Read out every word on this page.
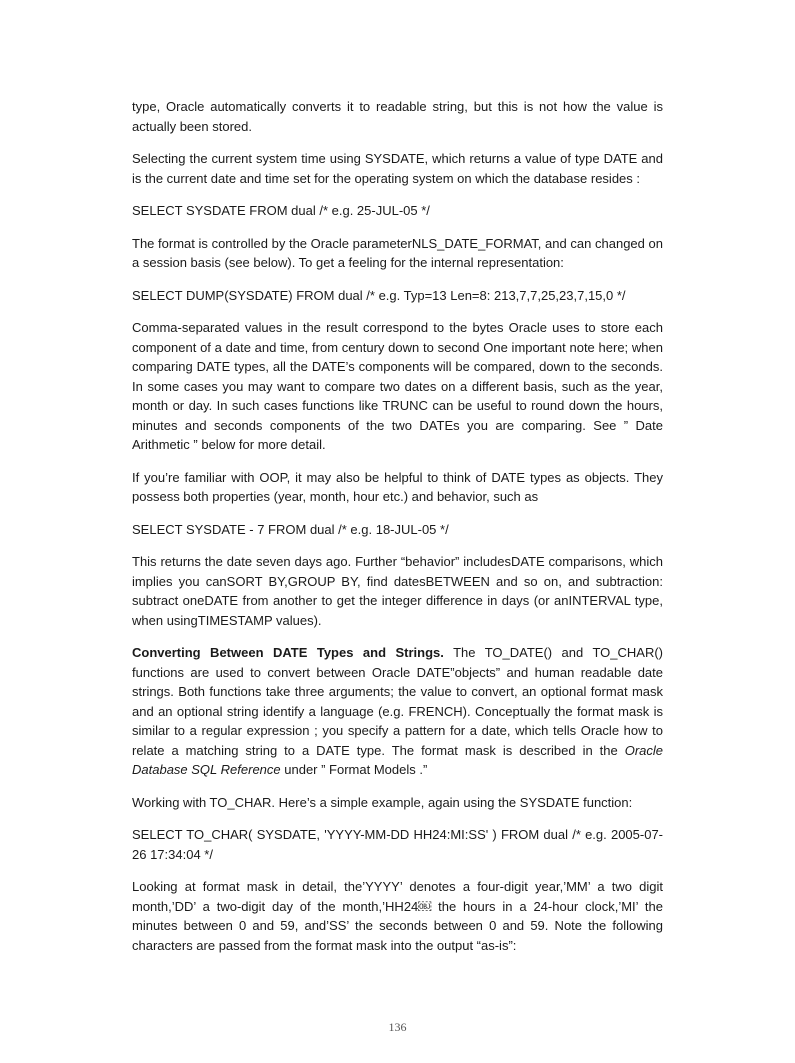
type, Oracle automatically converts it to readable string, but this is not how the value is actually been stored.

Selecting the current system time using SYSDATE, which returns a value of type DATE and is the current date and time set for the operating system on which the database resides :

SELECT SYSDATE FROM dual /* e.g. 25-JUL-05 */

The format is controlled by the Oracle parameterNLS_DATE_FORMAT, and can changed on a session basis (see below). To get a feeling for the internal representation:

SELECT DUMP(SYSDATE) FROM dual /* e.g. Typ=13 Len=8: 213,7,7,25,23,7,15,0 */

Comma-separated values in the result correspond to the bytes Oracle uses to store each component of a date and time, from century down to second One important note here; when comparing DATE types, all the DATE’s components will be compared, down to the seconds. In some cases you may want to compare two dates on a different basis, such as the year, month or day. In such cases functions like TRUNC can be useful to round down the hours, minutes and seconds components of the two DATEs you are comparing. See ” Date Arithmetic ” below for more detail.

If you’re familiar with OOP, it may also be helpful to think of DATE types as objects. They possess both properties (year, month, hour etc.) and behavior, such as

SELECT SYSDATE - 7 FROM dual /* e.g. 18-JUL-05 */

This returns the date seven days ago. Further “behavior” includesDATE comparisons, which implies you canSORT BY,GROUP BY, find datesBETWEEN and so on, and subtraction: subtract oneDATE from another to get the integer difference in days (or anINTERVAL type, when usingTIMESTAMP values).

Converting Between DATE Types and Strings. The TO_DATE() and TO_CHAR() functions are used to convert between Oracle DATE”objects” and human readable date strings. Both functions take three arguments; the value to convert, an optional format mask and an optional string identify a language (e.g. FRENCH). Conceptually the format mask is similar to a regular expression ; you specify a pattern for a date, which tells Oracle how to relate a matching string to a DATE type. The format mask is described in the Oracle Database SQL Reference under ” Format Models .”

Working with TO_CHAR. Here’s a simple example, again using the SYSDATE function:

SELECT TO_CHAR( SYSDATE, 'YYYY-MM-DD HH24:MI:SS' ) FROM dual /* e.g. 2005-07-26 17:34:04 */

Looking at format mask in detail, the’YYYY’ denotes a four-digit year,’MM’ a two digit month,’DD’ a two-digit day of the month,’HH24￼ the hours in a 24-hour clock,’MI’ the minutes between 0 and 59, and’SS’ the seconds between 0 and 59. Note the following characters are passed from the format mask into the output “as-is”:

136
